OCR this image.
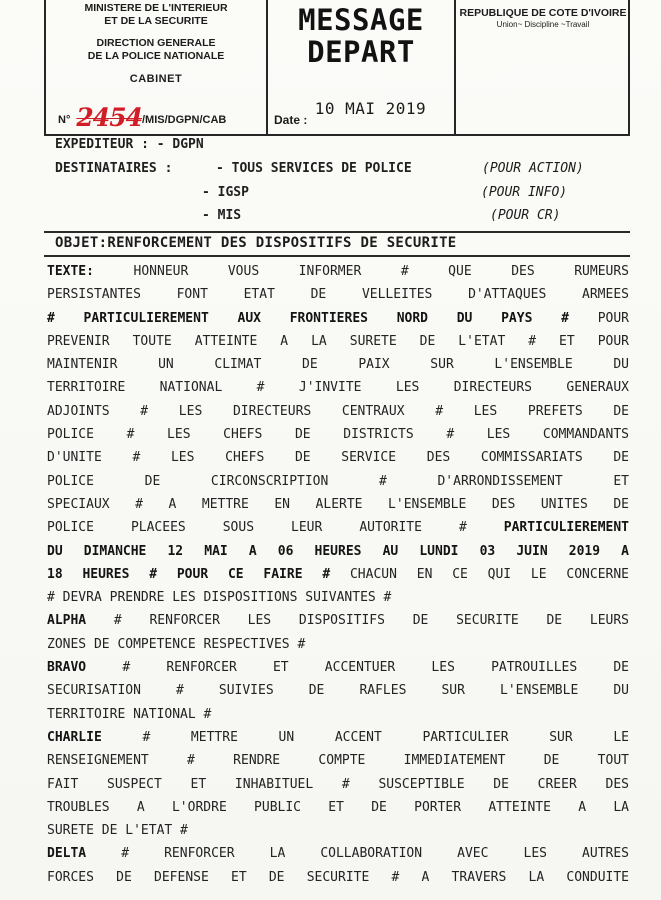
MINISTERE DE L'INTERIEUR
ET DE LA SECURITE
DIRECTION GENERALE
DE LA POLICE NATIONALE
CABINET
N° 2454/MIS/DGPN/CAB
MESSAGE
DEPART
Date : 10 MAI 2019
REPUBLIQUE DE COTE D'IVOIRE
Union~ Discipline ~Travail
EXPEDITEUR : - DGPN
DESTINATAIRES :	- TOUS SERVICES DE POLICE	(POUR ACTION)
- IGSP	(POUR INFO)
- MIS	(POUR CR)
OBJET:RENFORCEMENT DES DISPOSITIFS DE SECURITE
TEXTE:	HONNEUR VOUS INFORMER # QUE DES RUMEURS
PERSISTANTES FONT ETAT DE VELLEITES D'ATTAQUES ARMEES
# PARTICULIEREMENT AUX FRONTIERES NORD DU PAYS # POUR
PREVENIR TOUTE ATTEINTE A LA SURETE DE L'ETAT # ET POUR
MAINTENIR UN CLIMAT DE PAIX SUR L'ENSEMBLE DU
TERRITOIRE NATIONAL # J'INVITE LES DIRECTEURS GENERAUX
ADJOINTS # LES DIRECTEURS CENTRAUX # LES PREFETS DE
POLICE # LES CHEFS DE DISTRICTS # LES COMMANDANTS
D'UNITE # LES CHEFS DE SERVICE DES COMMISSARIATS DE
POLICE DE CIRCONSCRIPTION # D'ARRONDISSEMENT ET
SPECIAUX # A METTRE EN ALERTE L'ENSEMBLE DES UNITES DE
POLICE PLACEES SOUS LEUR AUTORITE #	PARTICULIEREMENT
DU DIMANCHE 12 MAI A 06 HEURES AU LUNDI 03 JUIN 2019 A
18 HEURES # POUR CE FAIRE # CHACUN EN CE QUI LE CONCERNE
# DEVRA PRENDRE LES DISPOSITIONS SUIVANTES #
ALPHA # RENFORCER LES DISPOSITIFS DE SECURITE DE LEURS
ZONES DE COMPETENCE RESPECTIVES #
BRAVO	# RENFORCER ET ACCENTUER LES PATROUILLES DE
SECURISATION # SUIVIES DE RAFLES SUR L'ENSEMBLE DU
TERRITOIRE NATIONAL #
CHARLIE	# METTRE UN ACCENT PARTICULIER SUR LE
RENSEIGNEMENT # RENDRE COMPTE IMMEDIATEMENT DE TOUT
FAIT SUSPECT ET INHABITUEL # SUSCEPTIBLE DE CREER DES
TROUBLES A L'ORDRE PUBLIC ET DE PORTER ATTEINTE A LA
SURETE DE L'ETAT #
DELTA	# RENFORCER LA COLLABORATION AVEC LES AUTRES
FORCES DE DEFENSE ET DE SECURITE # A TRAVERS LA CONDUITE
